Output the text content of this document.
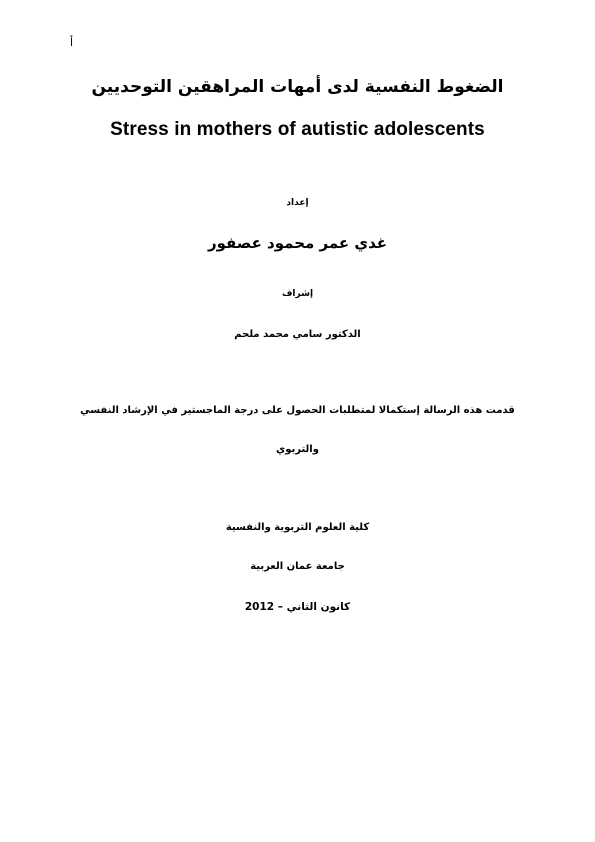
أ
الضغوط النفسية لدى أمهات المراهقين التوحديين
Stress in mothers of autistic adolescents
إعداد
غدي عمر محمود عصفور
إشراف
الدكتور سامي محمد ملحم
قدمت هذه الرسالة إستكمالا لمتطلبات الحصول على درجة الماجستير في الإرشاد النفسي
والتربوي
كلية العلوم التربوية والنفسية
جامعة عمان العربية
كانون الثاني – 2012
